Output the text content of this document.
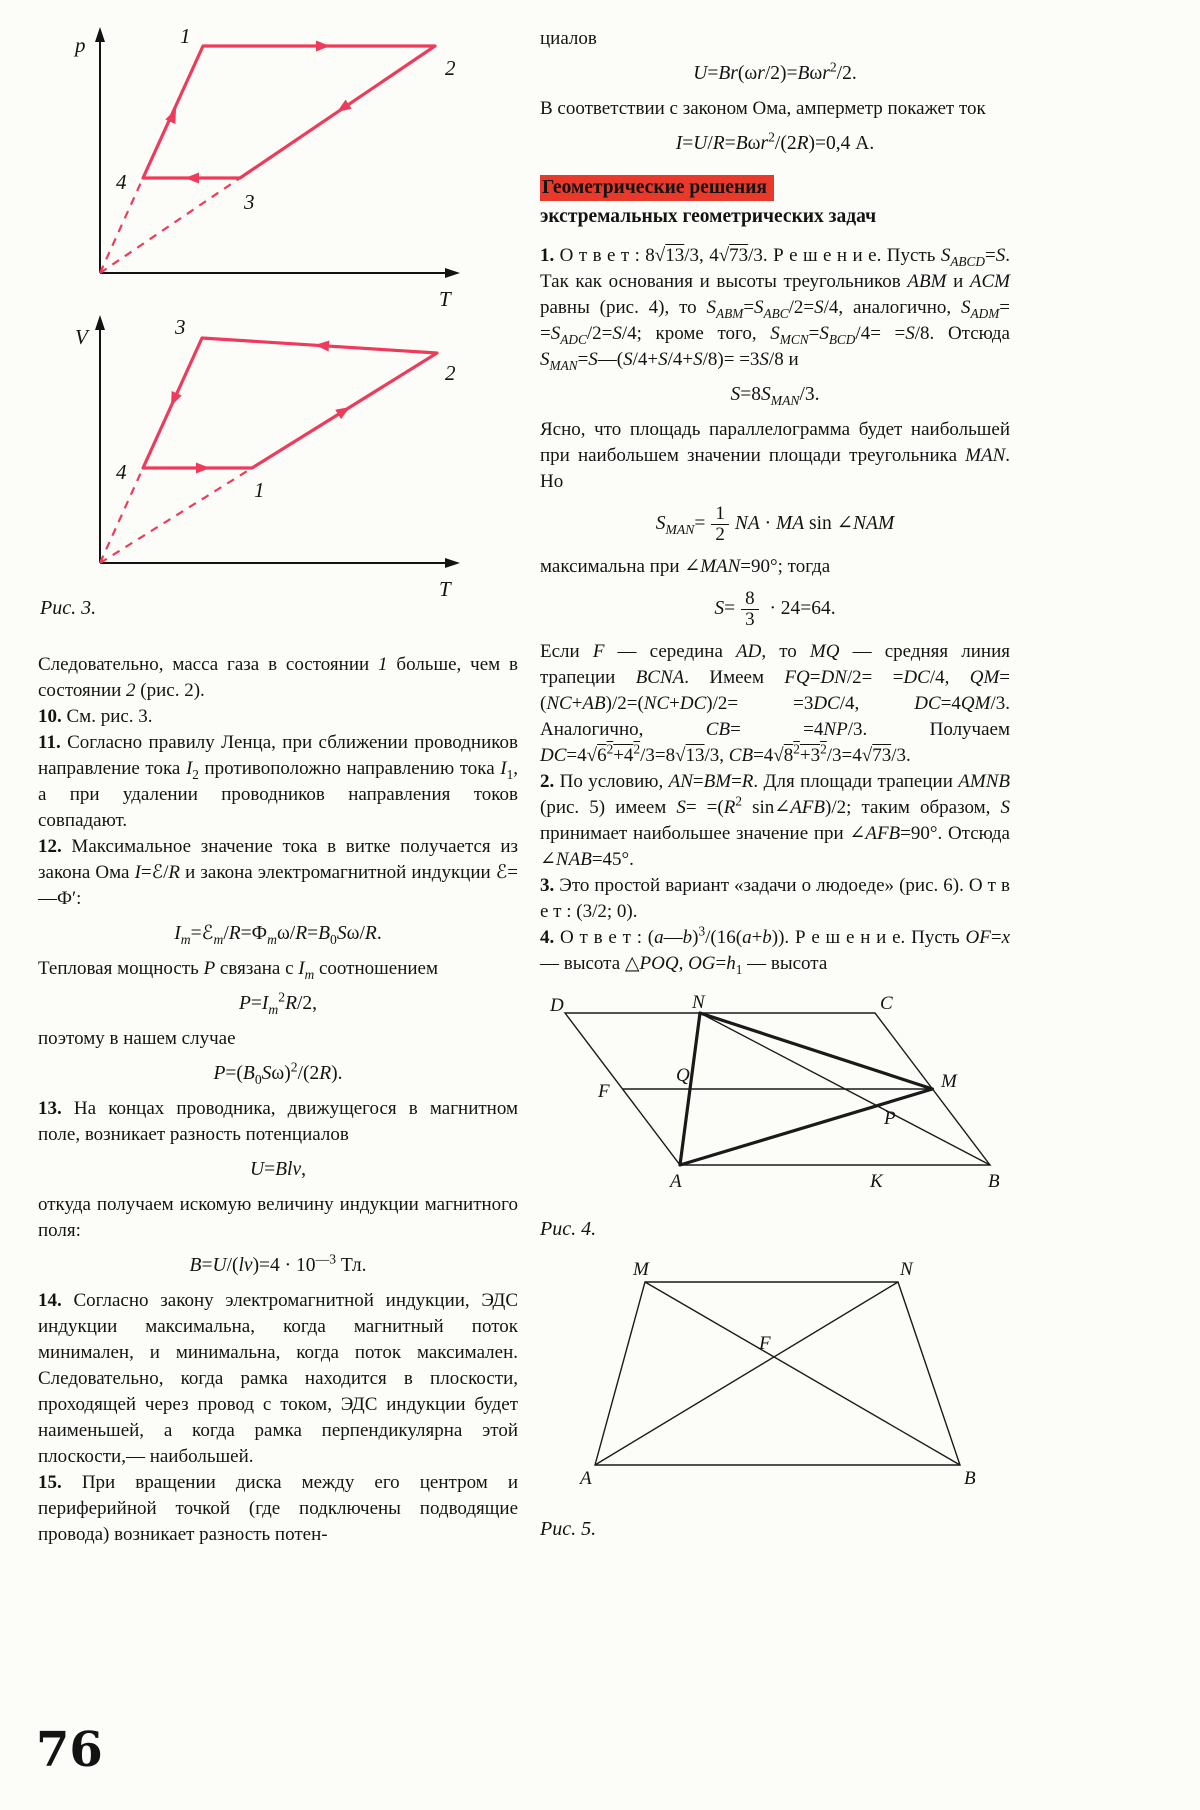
p
T
1
2
3
4
V
T
3
2
4
1
Рис. 3.

Следовательно, масса газа в состоянии 1 больше, чем в состоянии 2 (рис. 2).

10. См. рис. 3.

11. Согласно правилу Ленца, при сближении проводников направление тока $I_2$ противоположно направлению тока $I_1$, а при удалении проводников направления токов совпадают.

12. Максимальное значение тока в витке получается из закона Ома I=ℰ/R и закона электромагнитной индукции ℰ=—Ф′:

$I_m=ℰ_m/R=Ф_m\omega/R=B_0S\omega/R$.

Тепловая мощность P связана с $I_m$ соотношением

$P=I_m^2R/2$,

поэтому в нашем случае

$P=(B_0S\omega)^2/(2R)$.

13. На концах проводника, движущегося в магнитном поле, возникает разность потенциалов

U=Blv,

откуда получаем искомую величину индукции магнитного поля:

$B=U/(lv)=4 \cdot 10^{—3}$ Тл.

14. Согласно закону электромагнитной индукции, ЭДС индукции максимальна, когда магнитный поток минимален, и минимальна, когда поток максимален. Следовательно, когда рамка находится в плоскости, проходящей через провод с током, ЭДС индукции будет наименьшей, а когда рамка перпендикулярна этой плоскости,— наибольшей.

15. При вращении диска между его центром и периферийной точкой (где подключены подводящие провода) возникает разность потен-

циалов

U=Br(ωr/2)=Bωr$^2$/2.

В соответствии с законом Ома, амперметр покажет ток

I=U/R=Bωr$^2$/(2R)=0,4 А.
Геометрические решения
экстремальных геометрических задач

1. О т в е т : 8√13/3, 4√73/3. Р е ш е н и е. Пусть $S_{ABCD}=S$. Так как основания и высоты треугольников ABM и ACM равны (рис. 4), то $S_{ABM}=S_{ABC}/2=S/4$, аналогично, $S_{ADM}= =S_{ADC}/2=S/4$; кроме того, $S_{MCN}=S_{BCD}/4= =S/8$. Отсюда $S_{MAN}=S—(S/4+S/4+S/8)= =3S/8$ и

$S=8S_{MAN}/3$.

Ясно, что площадь параллелограмма будет наибольшей при наибольшем значении площади треугольника MAN. Но

$S_{MAN}= \frac{1}{2}$ NA · MA sin ∠NAM

максимальна при ∠MAN=90°; тогда

$S= \frac{8}{3} \cdot 24=64$.

Если F — середина AD, то MQ — средняя линия трапеции BCNA. Имеем FQ=DN/2= =DC/4, QM=(NC+AB)/2=(NC+DC)/2= =3DC/4, DC=4QM/3. Аналогично, CB= =4NP/3. Получаем $DC=4√6^2+4^2/3=8√13/3$, $CB=4√8^2+3^2/3=4√73/3$.

2. По условию, AN=BM=R. Для площади трапеции AMNB (рис. 5) имеем $S= =(R^2$ sin∠AFB)/2; таким образом, S принимает наибольшее значение при ∠AFB=90°. Отсюда ∠NAB=45°.

3. Это простой вариант «задачи о людоеде» (рис. 6). О т в е т : (3/2; 0).

4. О т в е т : (a—b)$^3$/(16(a+b)). Р е ш е н и е. Пусть OF=x — высота △POQ, $OG=h_1$ — высота

D	N	C
F
Q	M
P
A	K	B
Рис. 4.
M	N
F
A	B
Рис. 5.
76
